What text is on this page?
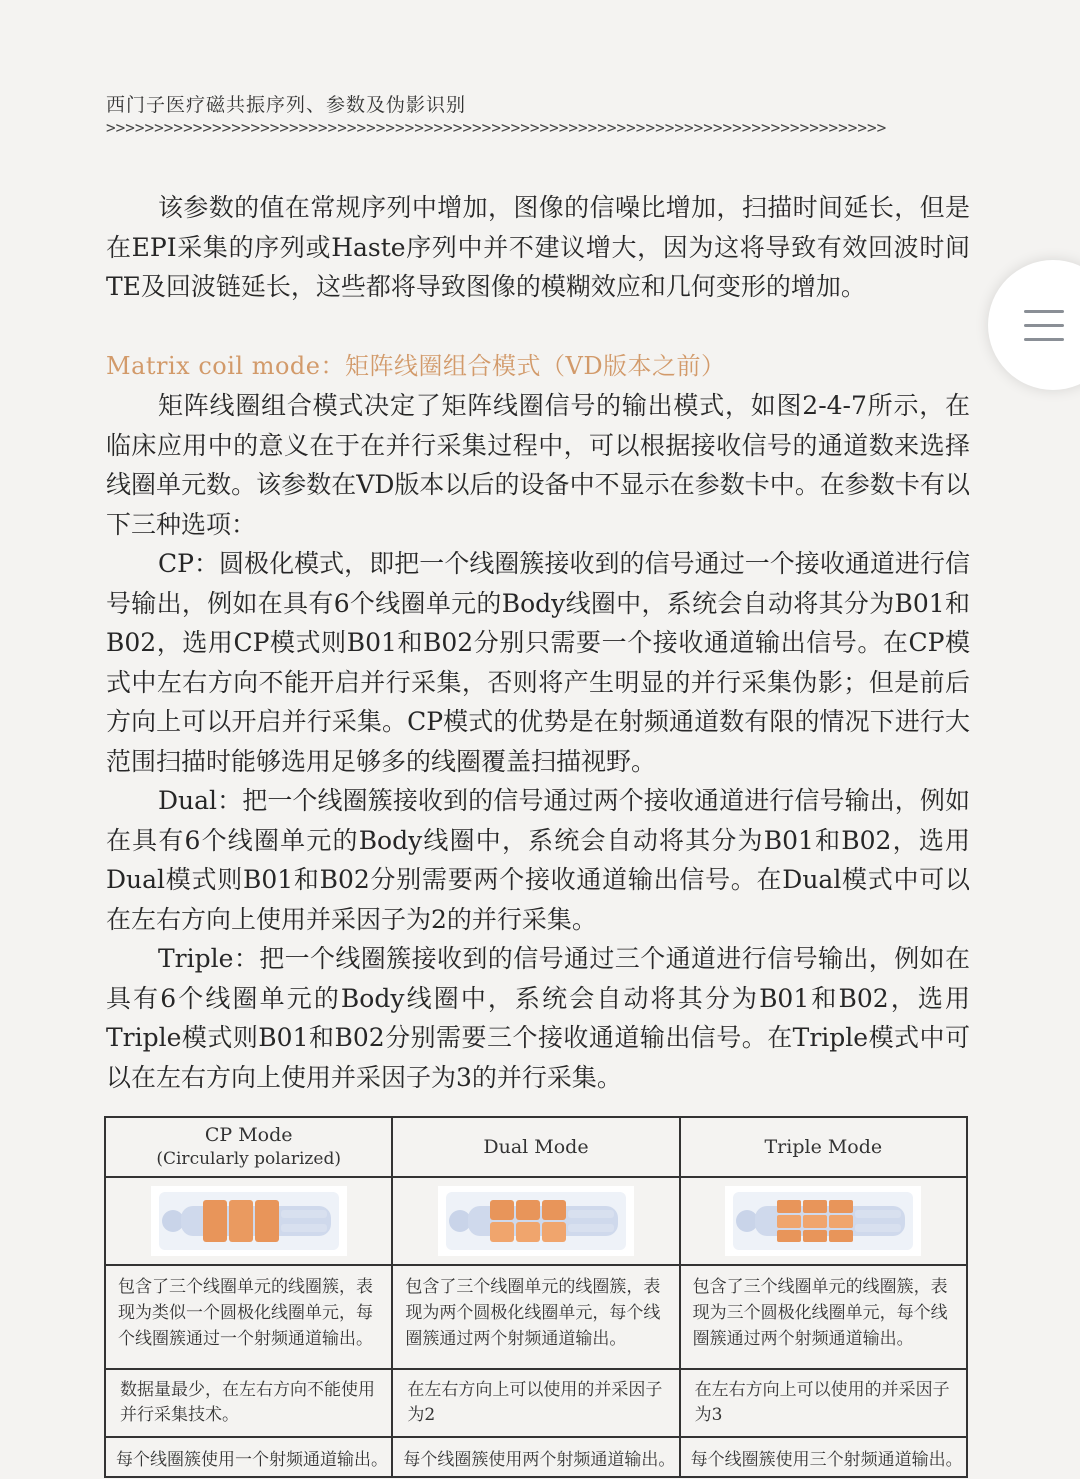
西门子医疗磁共振序列、参数及伪影识别
>>>>>>>>>>>>>>>>>>>>>>>>>>>>>>>>>>>>>>>>>>>>>>>>>>>>>>>>>>>>>>>>>>>>>>>>>>>>>>>>>
该参数的值在常规序列中增加，图像的信噪比增加，扫描时间延长，但是在EPI采集的序列或Haste序列中并不建议增大，因为这将导致有效回波时间TE及回波链延长，这些都将导致图像的模糊效应和几何变形的增加。
Matrix coil mode：矩阵线圈组合模式（VD版本之前）
矩阵线圈组合模式决定了矩阵线圈信号的输出模式，如图2-4-7所示，在临床应用中的意义在于在并行采集过程中，可以根据接收信号的通道数来选择线圈单元数。该参数在VD版本以后的设备中不显示在参数卡中。在参数卡有以下三种选项：
CP：圆极化模式，即把一个线圈簇接收到的信号通过一个接收通道进行信号输出，例如在具有6个线圈单元的Body线圈中，系统会自动将其分为B01和B02，选用CP模式则B01和B02分别只需要一个接收通道输出信号。在CP模式中左右方向不能开启并行采集，否则将产生明显的并行采集伪影；但是前后方向上可以开启并行采集。CP模式的优势是在射频通道数有限的情况下进行大范围扫描时能够选用足够多的线圈覆盖扫描视野。
Dual：把一个线圈簇接收到的信号通过两个接收通道进行信号输出，例如在具有6个线圈单元的Body线圈中，系统会自动将其分为B01和B02，选用Dual模式则B01和B02分别需要两个接收通道输出信号。在Dual模式中可以在左右方向上使用并采因子为2的并行采集。
Triple：把一个线圈簇接收到的信号通过三个通道进行信号输出，例如在具有6个线圈单元的Body线圈中，系统会自动将其分为B01和B02，选用Triple模式则B01和B02分别需要三个接收通道输出信号。在Triple模式中可以在左右方向上使用并采因子为3的并行采集。
CP Mode
(Circularly polarized)	Dual Mode	Triple Mode

包含了三个线圈单元的线圈簇，表现为类似一个圆极化线圈单元，每个线圈簇通过一个射频通道输出。	包含了三个线圈单元的线圈簇，表现为两个圆极化线圈单元，每个线圈簇通过两个射频通道输出。	包含了三个线圈单元的线圈簇，表现为三个圆极化线圈单元，每个线圈簇通过两个射频通道输出。

数据量最少，在左右方向不能使用并行采集技术。	在左右方向上可以使用的并采因子为2	在左右方向上可以使用的并采因子为3
每个线圈簇使用一个射频通道输出。	每个线圈簇使用两个射频通道输出。	每个线圈簇使用三个射频通道输出。
